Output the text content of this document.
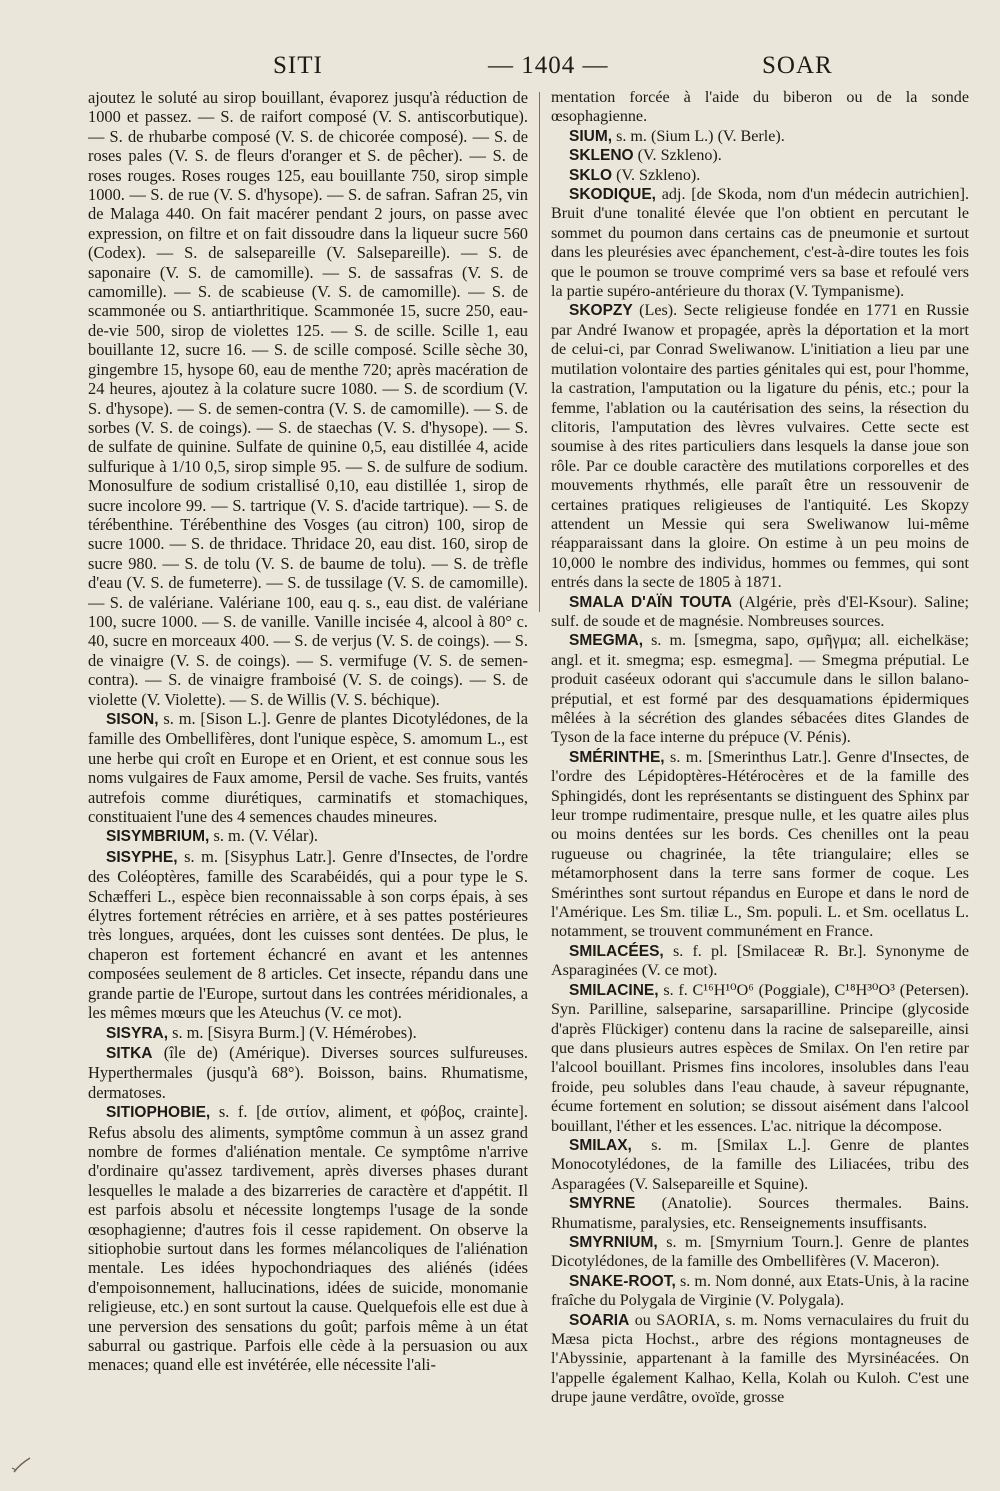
SITI	— 1404 —	SOAR

ajoutez le soluté au sirop bouillant, évaporez jusqu'à réduction de 1000 et passez. — S. de raifort composé (V. S. antiscorbutique). — S. de rhubarbe composé (V. S. de chicorée composé). — S. de roses pales (V. S. de fleurs d'oranger et S. de pêcher). — S. de roses rouges. Roses rouges 125, eau bouillante 750, sirop simple 1000. — S. de rue (V. S. d'hysope). — S. de safran. Safran 25, vin de Malaga 440. On fait macérer pendant 2 jours, on passe avec expression, on filtre et on fait dissoudre dans la liqueur sucre 560 (Codex). — S. de salsepareille (V. Salsepareille). — S. de saponaire (V. S. de camomille). — S. de sassafras (V. S. de camomille). — S. de scabieuse (V. S. de camomille). — S. de scammonée ou S. antiarthritique. Scammonée 15, sucre 250, eau-de-vie 500, sirop de violettes 125. — S. de scille. Scille 1, eau bouillante 12, sucre 16. — S. de scille composé. Scille sèche 30, gingembre 15, hysope 60, eau de menthe 720; après macération de 24 heures, ajoutez à la colature sucre 1080. — S. de scordium (V. S. d'hysope). — S. de semen-contra (V. S. de camomille). — S. de sorbes (V. S. de coings). — S. de staechas (V. S. d'hysope). — S. de sulfate de quinine. Sulfate de quinine 0,5, eau distillée 4, acide sulfurique à 1/10 0,5, sirop simple 95. — S. de sulfure de sodium. Monosulfure de sodium cristallisé 0,10, eau distillée 1, sirop de sucre incolore 99. — S. tartrique (V. S. d'acide tartrique). — S. de térébenthine. Térébenthine des Vosges (au citron) 100, sirop de sucre 1000. — S. de thridace. Thridace 20, eau dist. 160, sirop de sucre 980. — S. de tolu (V. S. de baume de tolu). — S. de trèfle d'eau (V. S. de fumeterre). — S. de tussilage (V. S. de camomille). — S. de valériane. Valériane 100, eau q. s., eau dist. de valériane 100, sucre 1000. — S. de vanille. Vanille incisée 4, alcool à 80° c. 40, sucre en morceaux 400. — S. de verjus (V. S. de coings). — S. de vinaigre (V. S. de coings). — S. vermifuge (V. S. de semen-contra). — S. de vinaigre framboisé (V. S. de coings). — S. de violette (V. Violette). — S. de Willis (V. S. béchique).

SISON, s. m. [Sison L.]. Genre de plantes Dicotylédones, de la famille des Ombellifères, dont l'unique espèce, S. amomum L., est une herbe qui croît en Europe et en Orient, et est connue sous les noms vulgaires de Faux amome, Persil de vache. Ses fruits, vantés autrefois comme diurétiques, carminatifs et stomachiques, constituaient l'une des 4 semences chaudes mineures.

SISYMBRIUM, s. m. (V. Vélar).

SISYPHE, s. m. [Sisyphus Latr.]. Genre d'Insectes, de l'ordre des Coléoptères, famille des Scarabéidés, qui a pour type le S. Schæfferi L., espèce bien reconnaissable à son corps épais, à ses élytres fortement rétrécies en arrière, et à ses pattes postérieures très longues, arquées, dont les cuisses sont dentées. De plus, le chaperon est fortement échancré en avant et les antennes composées seulement de 8 articles. Cet insecte, répandu dans une grande partie de l'Europe, surtout dans les contrées méridionales, a les mêmes mœurs que les Ateuchus (V. ce mot).

SISYRA, s. m. [Sisyra Burm.] (V. Hémérobes).

SITKA (île de) (Amérique). Diverses sources sulfureuses. Hyperthermales (jusqu'à 68°). Boisson, bains. Rhumatisme, dermatoses.

SITIOPHOBIE, s. f. [de σιτίον, aliment, et φόβος, crainte]. Refus absolu des aliments, symptôme commun à un assez grand nombre de formes d'aliénation mentale. Ce symptôme n'arrive d'ordinaire qu'assez tardivement, après diverses phases durant lesquelles le malade a des bizarreries de caractère et d'appétit. Il est parfois absolu et nécessite longtemps l'usage de la sonde œsophagienne; d'autres fois il cesse rapidement. On observe la sitiophobie surtout dans les formes mélancoliques de l'aliénation mentale. Les idées hypochondriaques des aliénés (idées d'empoisonnement, hallucinations, idées de suicide, monomanie religieuse, etc.) en sont surtout la cause. Quelquefois elle est due à une perversion des sensations du goût; parfois même à un état saburral ou gastrique. Parfois elle cède à la persuasion ou aux menaces; quand elle est invétérée, elle nécessite l'ali-

mentation forcée à l'aide du biberon ou de la sonde œsophagienne.

SIUM, s. m. (Sium L.) (V. Berle).

SKLENO (V. Szkleno).

SKLO (V. Szkleno).

SKODIQUE, adj. [de Skoda, nom d'un médecin autrichien]. Bruit d'une tonalité élevée que l'on obtient en percutant le sommet du poumon dans certains cas de pneumonie et surtout dans les pleurésies avec épanchement, c'est-à-dire toutes les fois que le poumon se trouve comprimé vers sa base et refoulé vers la partie supéro-antérieure du thorax (V. Tympanisme).

SKOPZY (Les). Secte religieuse fondée en 1771 en Russie par André Iwanow et propagée, après la déportation et la mort de celui-ci, par Conrad Sweliwanow. L'initiation a lieu par une mutilation volontaire des parties génitales qui est, pour l'homme, la castration, l'amputation ou la ligature du pénis, etc.; pour la femme, l'ablation ou la cautérisation des seins, la résection du clitoris, l'amputation des lèvres vulvaires. Cette secte est soumise à des rites particuliers dans lesquels la danse joue son rôle. Par ce double caractère des mutilations corporelles et des mouvements rhythmés, elle paraît être un ressouvenir de certaines pratiques religieuses de l'antiquité. Les Skopzy attendent un Messie qui sera Sweliwanow lui-même réapparaissant dans la gloire. On estime à un peu moins de 10,000 le nombre des individus, hommes ou femmes, qui sont entrés dans la secte de 1805 à 1871.

SMALA D'AÏN TOUTA (Algérie, près d'El-Ksour). Saline; sulf. de soude et de magnésie. Nombreuses sources.

SMEGMA, s. m. [smegma, sapo, σμῆγμα; all. eichelkäse; angl. et it. smegma; esp. esmegma]. — Smegma préputial. Le produit caséeux odorant qui s'accumule dans le sillon balano-préputial, et est formé par des desquamations épidermiques mêlées à la sécrétion des glandes sébacées dites Glandes de Tyson de la face interne du prépuce (V. Pénis).

SMÉRINTHE, s. m. [Smerinthus Latr.]. Genre d'Insectes, de l'ordre des Lépidoptères-Hétérocères et de la famille des Sphingidés, dont les représentants se distinguent des Sphinx par leur trompe rudimentaire, presque nulle, et les quatre ailes plus ou moins dentées sur les bords. Ces chenilles ont la peau rugueuse ou chagrinée, la tête triangulaire; elles se métamorphosent dans la terre sans former de coque. Les Smérinthes sont surtout répandus en Europe et dans le nord de l'Amérique. Les Sm. tiliæ L., Sm. populi. L. et Sm. ocellatus L. notamment, se trouvent communément en France.

SMILACÉES, s. f. pl. [Smilaceæ R. Br.]. Synonyme de Asparaginées (V. ce mot).

SMILACINE, s. f. C¹⁶H¹⁰O⁶ (Poggiale), C¹⁸H³⁰O³ (Petersen). Syn. Parilline, salseparine, sarsaparilline. Principe (glycoside d'après Flückiger) contenu dans la racine de salsepareille, ainsi que dans plusieurs autres espèces de Smilax. On l'en retire par l'alcool bouillant. Prismes fins incolores, insolubles dans l'eau froide, peu solubles dans l'eau chaude, à saveur répugnante, écume fortement en solution; se dissout aisément dans l'alcool bouillant, l'éther et les essences. L'ac. nitrique la décompose.

SMILAX, s. m. [Smilax L.]. Genre de plantes Monocotylédones, de la famille des Liliacées, tribu des Asparagées (V. Salsepareille et Squine).

SMYRNE (Anatolie). Sources thermales. Bains. Rhumatisme, paralysies, etc. Renseignements insuffisants.

SMYRNIUM, s. m. [Smyrnium Tourn.]. Genre de plantes Dicotylédones, de la famille des Ombellifères (V. Maceron).

SNAKE-ROOT, s. m. Nom donné, aux Etats-Unis, à la racine fraîche du Polygala de Virginie (V. Polygala).

SOARIA ou SAORIA, s. m. Noms vernaculaires du fruit du Mæsa picta Hochst., arbre des régions montagneuses de l'Abyssinie, appartenant à la famille des Myrsinéacées. On l'appelle également Kalhao, Kella, Kolah ou Kuloh. C'est une drupe jaune verdâtre, ovoïde, grosse
